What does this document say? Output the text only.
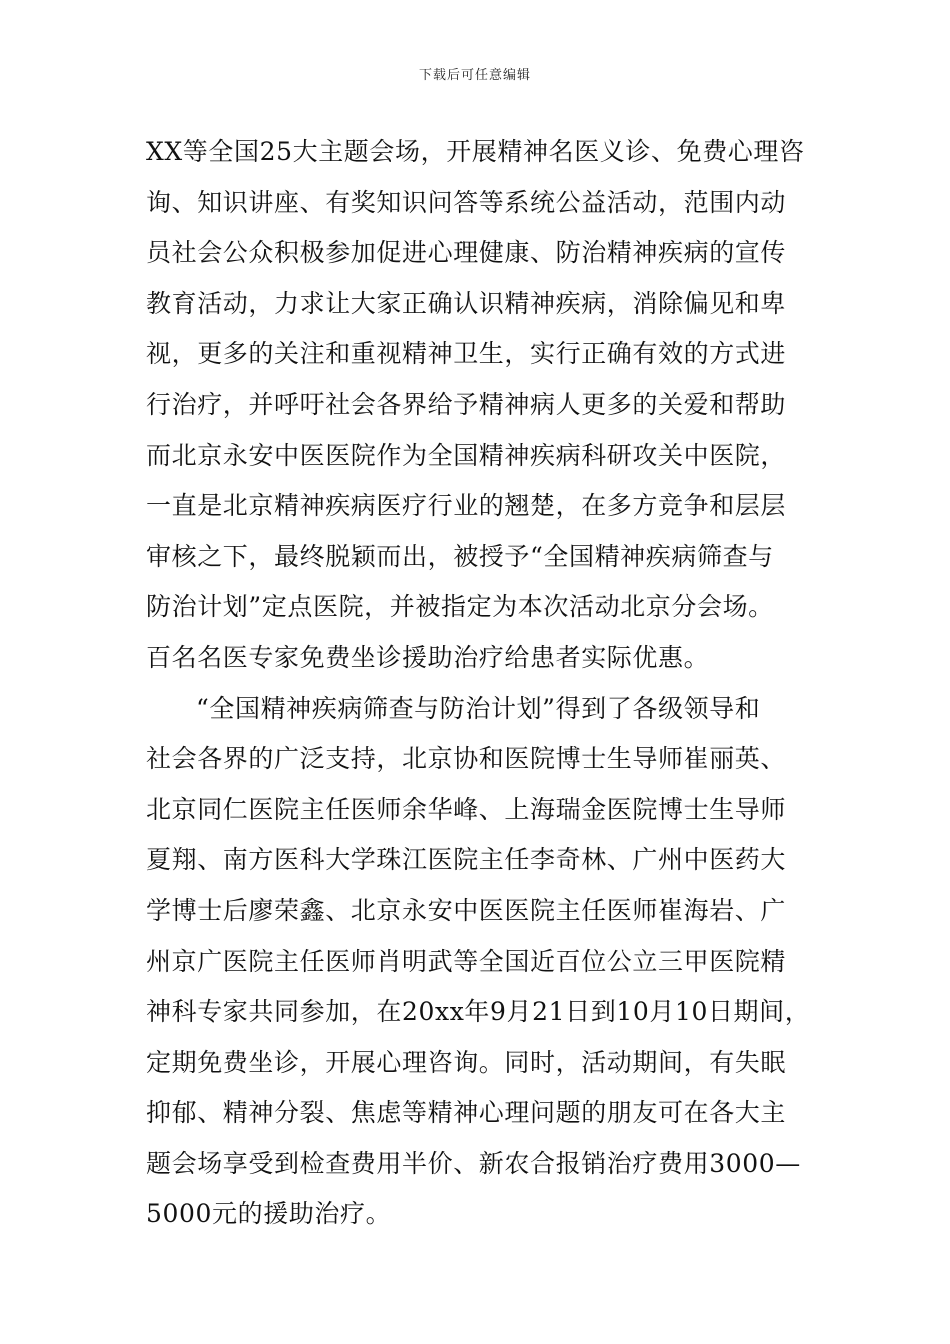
下载后可任意编辑
XX等全国25大主题会场，开展精神名医义诊、免费心理咨
询、知识讲座、有奖知识问答等系统公益活动，范围内动
员社会公众积极参加促进心理健康、防治精神疾病的宣传
教育活动，力求让大家正确认识精神疾病，消除偏见和卑
视，更多的关注和重视精神卫生，实行正确有效的方式进
行治疗，并呼吁社会各界给予精神病人更多的关爱和帮助
而北京永安中医医院作为全国精神疾病科研攻关中医院，
一直是北京精神疾病医疗行业的翘楚，在多方竞争和层层
审核之下，最终脱颖而出，被授予“全国精神疾病筛查与
防治计划”定点医院，并被指定为本次活动北京分会场。
百名名医专家免费坐诊援助治疗给患者实际优惠。
“全国精神疾病筛查与防治计划”得到了各级领导和
社会各界的广泛支持，北京协和医院博士生导师崔丽英、
北京同仁医院主任医师余华峰、上海瑞金医院博士生导师
夏翔、南方医科大学珠江医院主任李奇林、广州中医药大
学博士后廖荣鑫、北京永安中医医院主任医师崔海岩、广
州京广医院主任医师肖明武等全国近百位公立三甲医院精
神科专家共同参加，在20xx年9月21日到10月10日期间，
定期免费坐诊，开展心理咨询。同时，活动期间，有失眠
抑郁、精神分裂、焦虑等精神心理问题的朋友可在各大主
题会场享受到检查费用半价、新农合报销治疗费用3000—
5000元的援助治疗。
